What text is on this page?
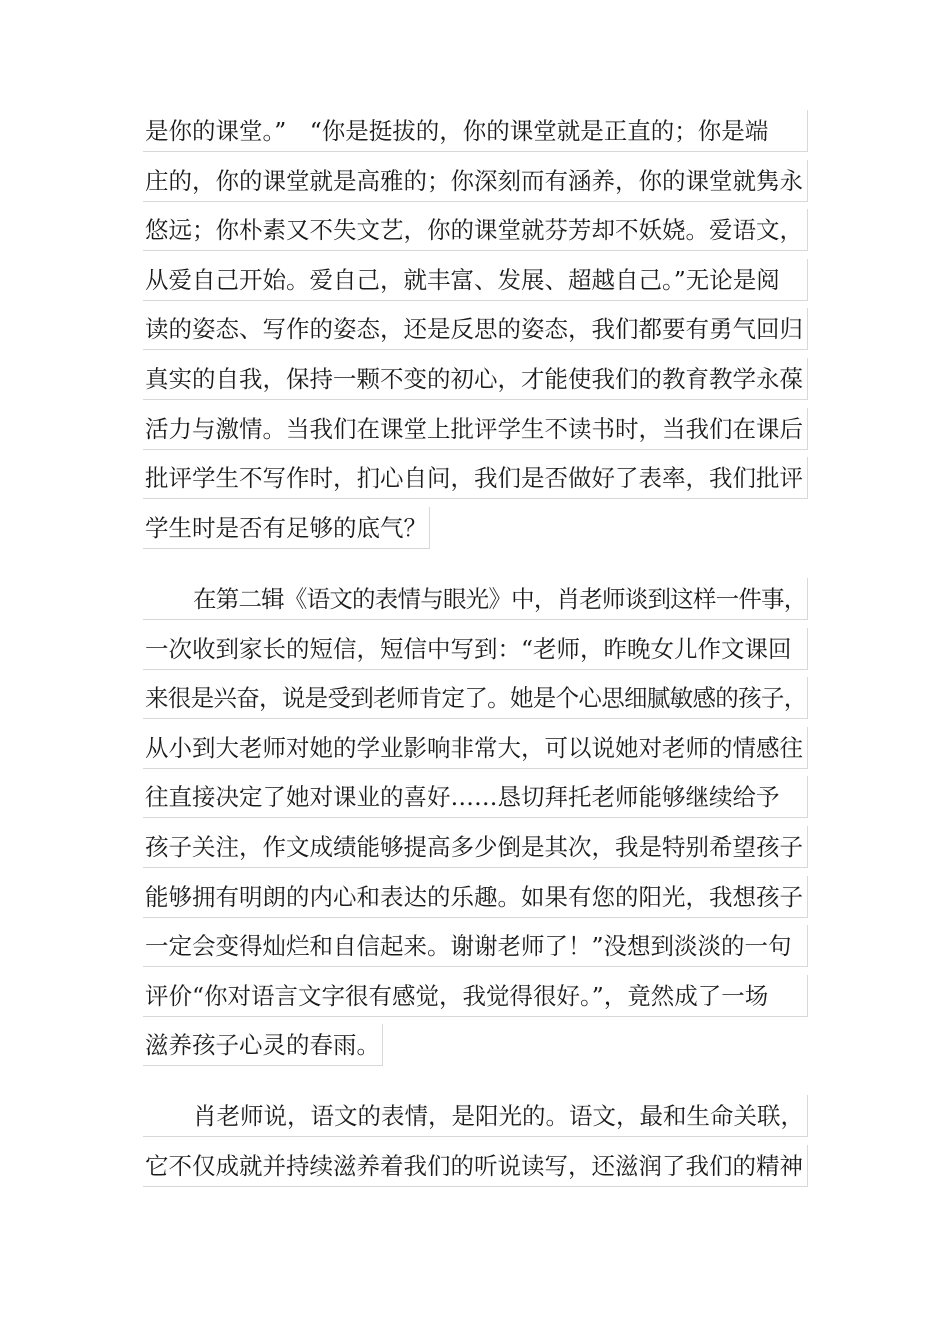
是你的课堂。”　“你是挺拔的，你的课堂就是正直的；你是端
庄的，你的课堂就是高雅的；你深刻而有涵养，你的课堂就隽永
悠远；你朴素又不失文艺，你的课堂就芬芳却不妖娆。爱语文，
从爱自己开始。爱自己，就丰富、发展、超越自己。”无论是阅
读的姿态、写作的姿态，还是反思的姿态，我们都要有勇气回归
真实的自我，保持一颗不变的初心，才能使我们的教育教学永葆
活力与激情。当我们在课堂上批评学生不读书时，当我们在课后
批评学生不写作时，扪心自问，我们是否做好了表率，我们批评
学生时是否有足够的底气？
在第二辑《语文的表情与眼光》中，肖老师谈到这样一件事，
一次收到家长的短信，短信中写到：“老师，昨晚女儿作文课回
来很是兴奋，说是受到老师肯定了。她是个心思细腻敏感的孩子，
从小到大老师对她的学业影响非常大，可以说她对老师的情感往
往直接决定了她对课业的喜好……恳切拜托老师能够继续给予
孩子关注，作文成绩能够提高多少倒是其次，我是特别希望孩子
能够拥有明朗的内心和表达的乐趣。如果有您的阳光，我想孩子
一定会变得灿烂和自信起来。谢谢老师了！”没想到淡淡的一句
评价“你对语言文字很有感觉，我觉得很好。”，竟然成了一场
滋养孩子心灵的春雨。
肖老师说，语文的表情，是阳光的。语文，最和生命关联，
它不仅成就并持续滋养着我们的听说读写，还滋润了我们的精神
